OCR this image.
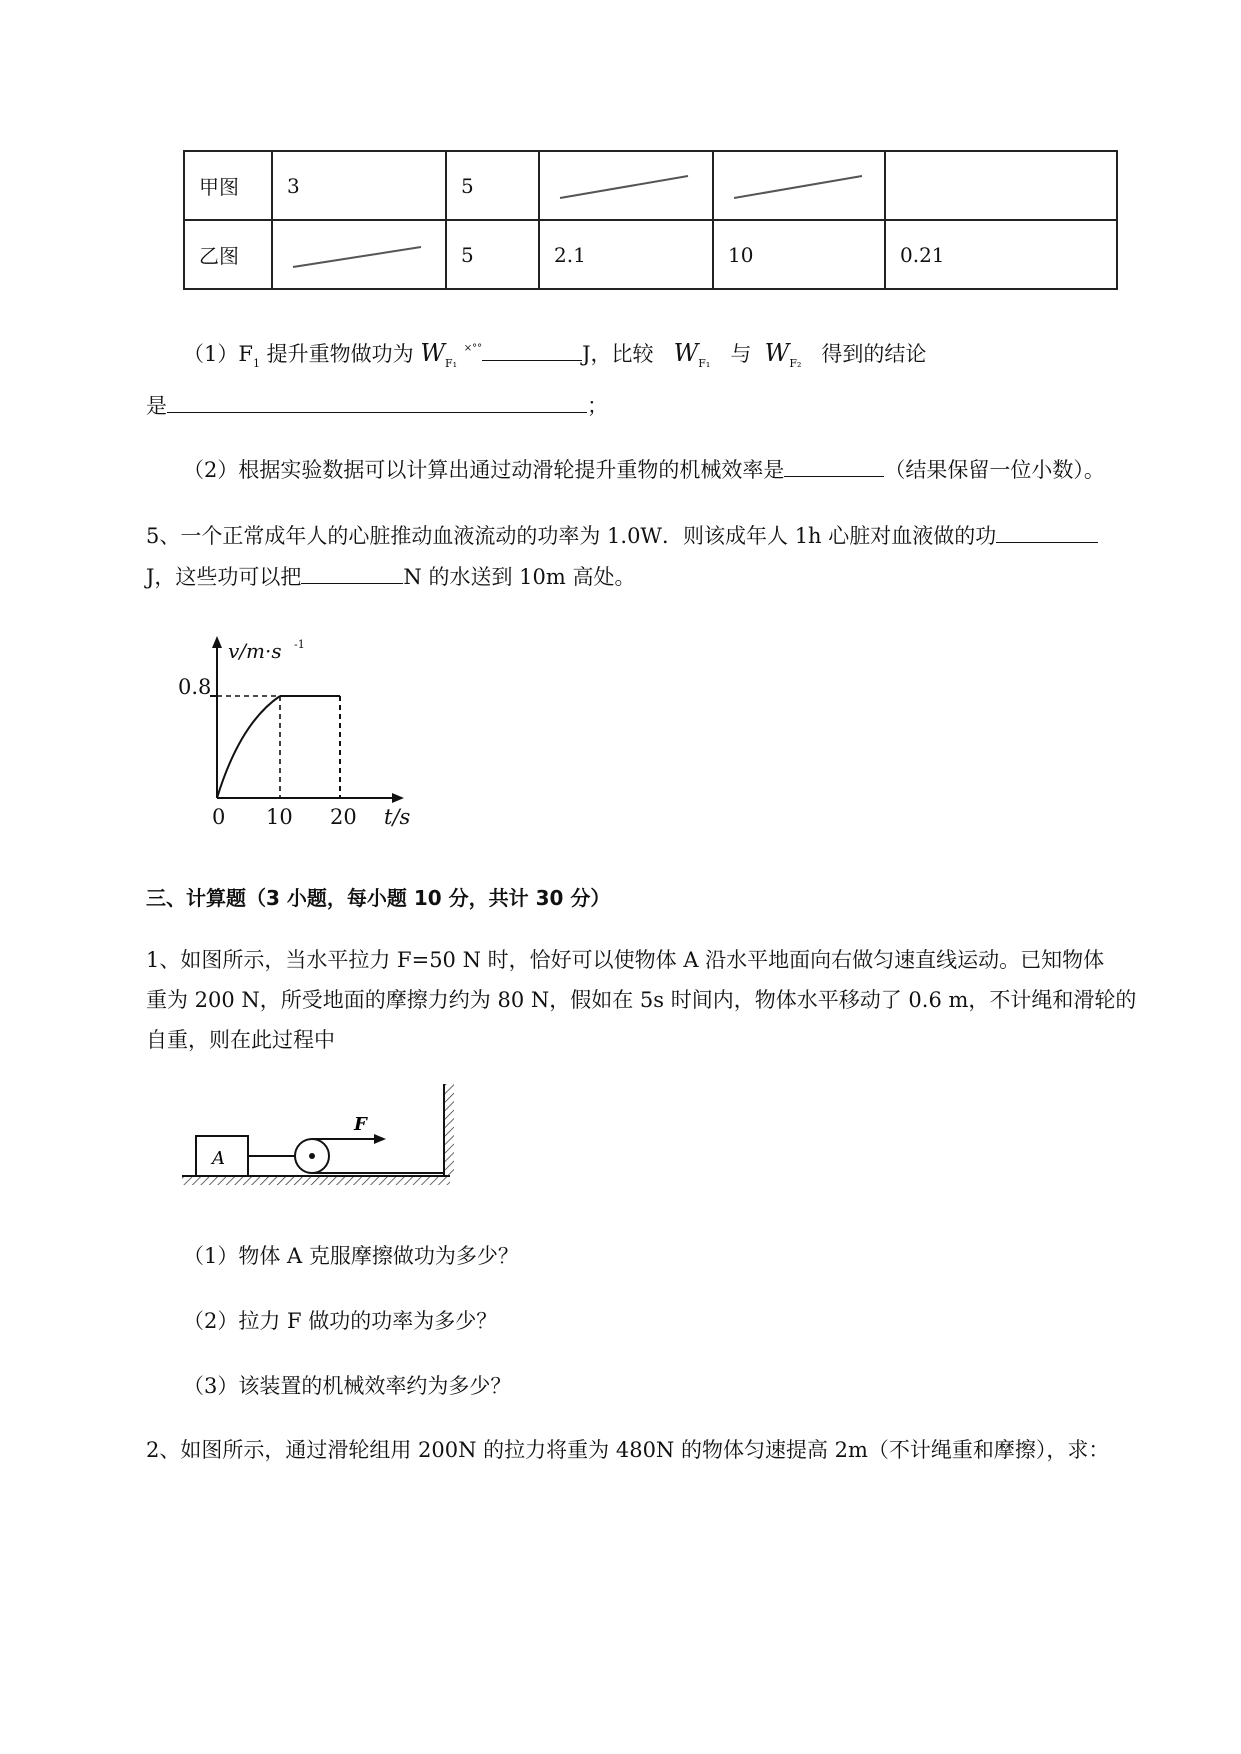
甲图	3	5	

乙图		5	2.1	10	0.21
$(1)F_1$ 提升重物做功为 $W_{F_1}$ ×°°	J，比较 $W_{F_1}$ 与 $W_{F_2}$ 得到的结论
是	；
（2）根据实验数据可以计算出通过动滑轮提升重物的机械效率是	（结果保留一位小数）。
5、一个正常成年人的心脏推动血液流动的功率为 1.0W．则该成年人 1h 心脏对血液做的功
J，这些功可以把	N 的水送到 10m 高处。
v/m·s -1
0.8
0 10 20 t/s
三、计算题（3 小题，每小题 10 分，共计 30 分）
1、如图所示，当水平拉力 F=50 N 时，恰好可以使物体 A 沿水平地面向右做匀速直线运动。已知物体
重为 200 N，所受地面的摩擦力约为 80 N，假如在 5s 时间内，物体水平移动了 0.6 m，不计绳和滑轮的
自重，则在此过程中
A
F
（1）物体 A 克服摩擦做功为多少？
（2）拉力 F 做功的功率为多少？
（3）该装置的机械效率约为多少？
2、如图所示，通过滑轮组用 200N 的拉力将重为 480N 的物体匀速提高 2m（不计绳重和摩擦），求：
